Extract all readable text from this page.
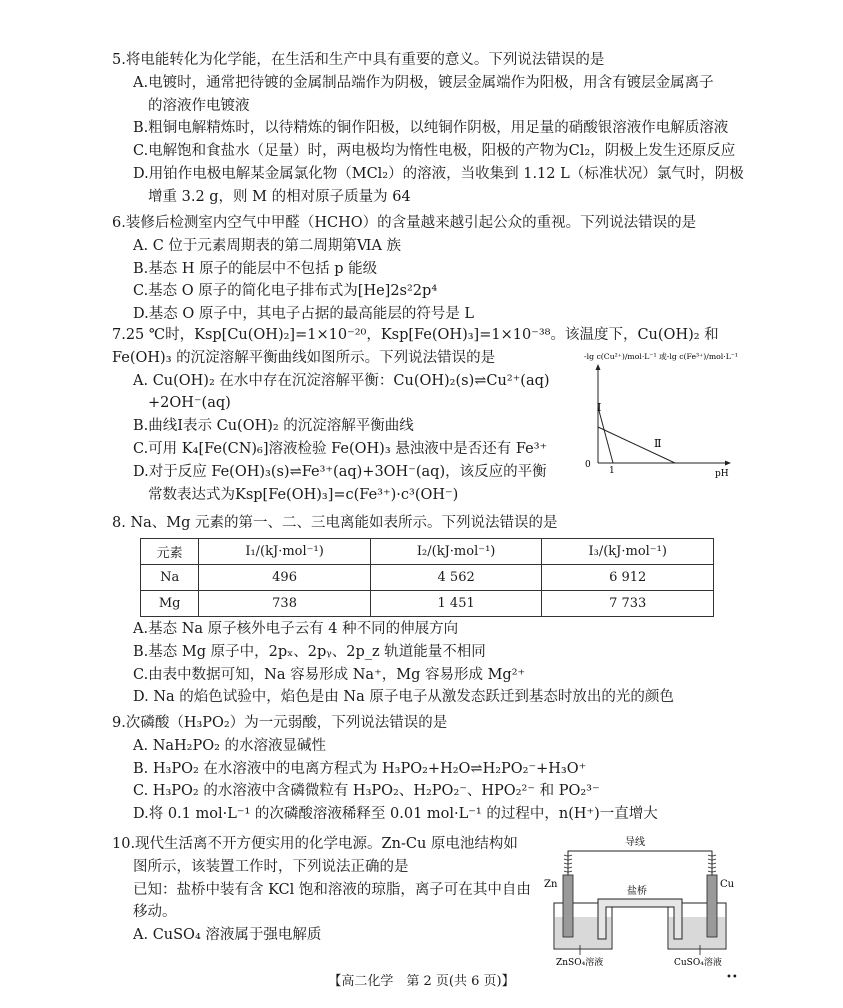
5.将电能转化为化学能，在生活和生产中具有重要的意义。下列说法错误的是

A.电镀时，通常把待镀的金属制品端作为阴极，镀层金属端作为阳极，用含有镀层金属离子

的溶液作电镀液

B.粗铜电解精炼时，以待精炼的铜作阳极，以纯铜作阴极，用足量的硝酸银溶液作电解质溶液

C.电解饱和食盐水（足量）时，两电极均为惰性电极，阳极的产物为Cl₂，阴极上发生还原反应

D.用铂作电极电解某金属氯化物（MCl₂）的溶液，当收集到 1.12 L（标准状况）氯气时，阴极

增重 3.2 g，则 M 的相对原子质量为 64

6.装修后检测室内空气中甲醛（HCHO）的含量越来越引起公众的重视。下列说法错误的是

A. C 位于元素周期表的第二周期第ⅥA 族

B.基态 H 原子的能层中不包括 p 能级

C.基态 O 原子的简化电子排布式为[He]2s²2p⁴

D.基态 O 原子中，其电子占据的最高能层的符号是 L

7.25 ℃时，Ksp[Cu(OH)₂]=1×10⁻²⁰，Ksp[Fe(OH)₃]=1×10⁻³⁸。该温度下，Cu(OH)₂ 和

Fe(OH)₃ 的沉淀溶解平衡曲线如图所示。下列说法错误的是

A. Cu(OH)₂ 在水中存在沉淀溶解平衡：Cu(OH)₂(s)⇌Cu²⁺(aq)

+2OH⁻(aq)

B.曲线Ⅰ表示 Cu(OH)₂ 的沉淀溶解平衡曲线

C.可用 K₄[Fe(CN)₆]溶液检验 Fe(OH)₃ 悬浊液中是否还有 Fe³⁺

D.对于反应 Fe(OH)₃(s)⇌Fe³⁺(aq)+3OH⁻(aq)，该反应的平衡

常数表达式为Ksp[Fe(OH)₃]=c(Fe³⁺)·c³(OH⁻)

-lg c(Cu²⁺)/mol·L⁻¹ 或-lg c(Fe³⁺)/mol·L⁻¹
Ⅰ
Ⅱ
0
1	pH

8. Na、Mg 元素的第一、二、三电离能如表所示。下列说法错误的是

元素	I₁/(kJ·mol⁻¹)	I₂/(kJ·mol⁻¹)	I₃/(kJ·mol⁻¹)
Na	496	4 562	6 912
Mg	738	1 451	7 733

A.基态 Na 原子核外电子云有 4 种不同的伸展方向

B.基态 Mg 原子中，2pₓ、2pᵧ、2p_z 轨道能量不相同

C.由表中数据可知，Na 容易形成 Na⁺，Mg 容易形成 Mg²⁺

D. Na 的焰色试验中，焰色是由 Na 原子电子从激发态跃迁到基态时放出的光的颜色

9.次磷酸（H₃PO₂）为一元弱酸，下列说法错误的是

A. NaH₂PO₂ 的水溶液显碱性

B. H₃PO₂ 在水溶液中的电离方程式为 H₃PO₂+H₂O⇌H₂PO₂⁻+H₃O⁺

C. H₃PO₂ 的水溶液中含磷微粒有 H₃PO₂、H₂PO₂⁻、HPO₂²⁻ 和 PO₂³⁻

D.将 0.1 mol·L⁻¹ 的次磷酸溶液稀释至 0.01 mol·L⁻¹ 的过程中，n(H⁺)一直增大

10.现代生活离不开方便实用的化学电源。Zn-Cu 原电池结构如

图所示，该装置工作时，下列说法正确的是

已知：盐桥中装有含 KCl 饱和溶液的琼脂，离子可在其中自由

移动。

A. CuSO₄ 溶液属于强电解质

导线
盐桥
Zn	Cu
ZnSO₄溶液	CuSO₄溶液
【高二化学　第 2 页(共 6 页)】	••
